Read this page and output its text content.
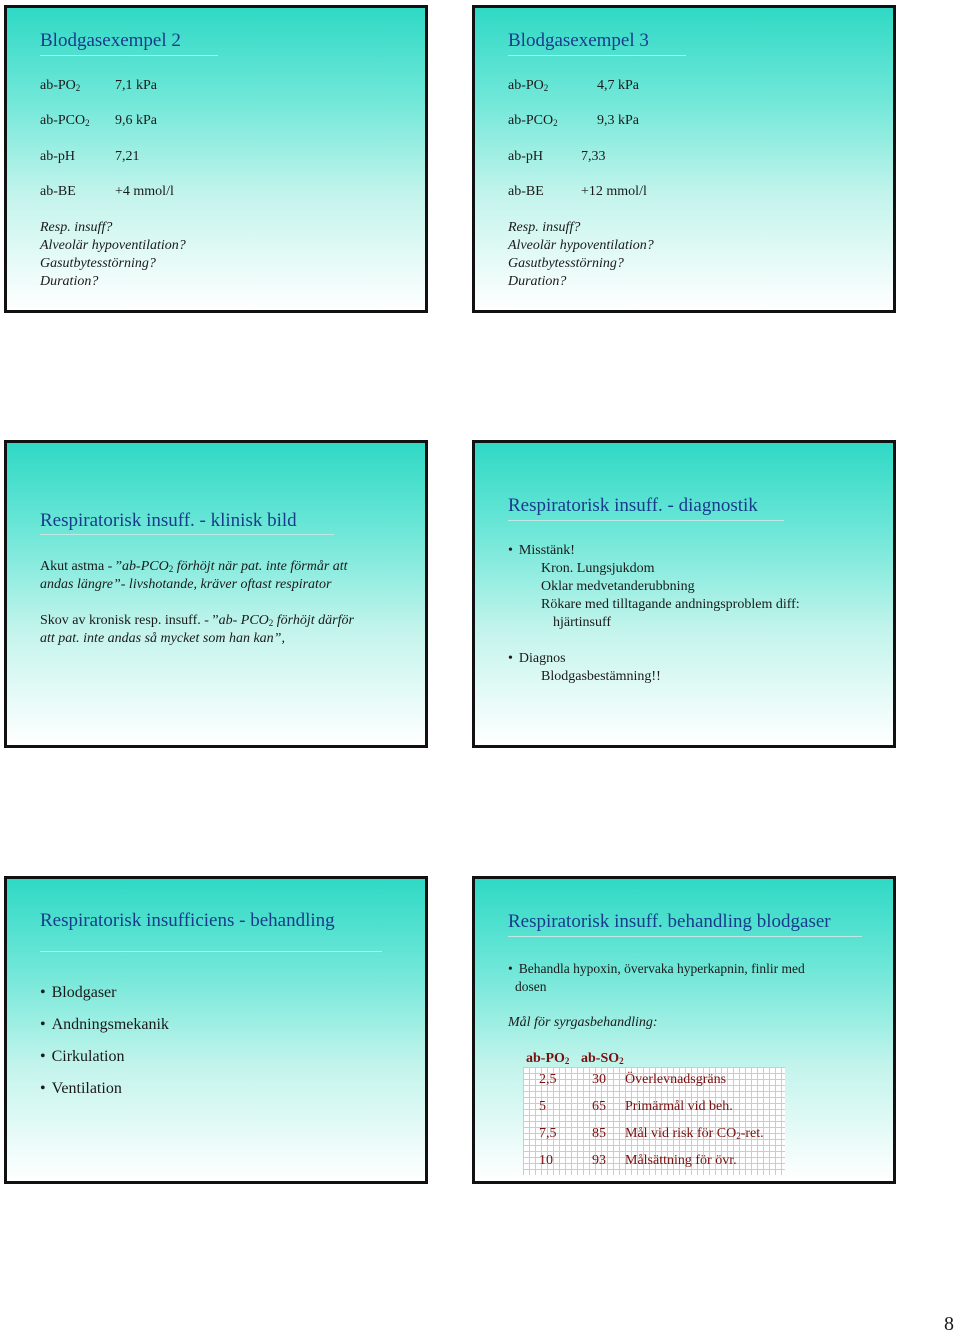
Blodgasexempel 2
$ab-PO_2$ 7,1 kPa
$ab-PCO_2$ 9,6 kPa
ab-pH	7,21
ab-BE	+4 mmol/l
Resp. insuff?
Alveolär hypoventilation?
Gasutbytesstörning?
Duration?
Blodgasexempel 3
$ab-PO_2$	4,7 kPa
$ab-PCO_2$	9,3 kPa
ab-pH	7,33
ab-BE	+12 mmol/l
Resp. insuff?
Alveolär hypoventilation?
Gasutbytesstörning?
Duration?
Respiratorisk insuff. - klinisk bild
Akut astma - $”ab-PCO_2$ förhöjt när pat. inte förmår att
andas längre”- livshotande, kräver oftast respirator
Skov av kronisk resp. insuff. - ”ab- $PCO_2$ förhöjt därför
att pat. inte andas så mycket som han kan”,
Respiratorisk insuff. - diagnostik
• Misstänk!
Kron. Lungsjukdom
Oklar medvetanderubbning
Rökare med tilltagande andningsproblem diff:
hjärtinsuff
• Diagnos
Blodgasbestämning!!
Respiratorisk insufficiens - behandling
• Blodgaser
• Andningsmekanik
• Cirkulation
• Ventilation
Respiratorisk insuff. behandling blodgaser
• Behandla hypoxin, övervaka hyperkapnin, finlir med
dosen
Mål för syrgasbehandling:
$ab-PO_2$ $ab-SO_2$
2,5	30 Överlevnadsgräns
5	65 Primärmål vid beh.
7,5	85 Mål vid risk för $CO_2$-ret.
10	93 Målsättning för övr.
8
